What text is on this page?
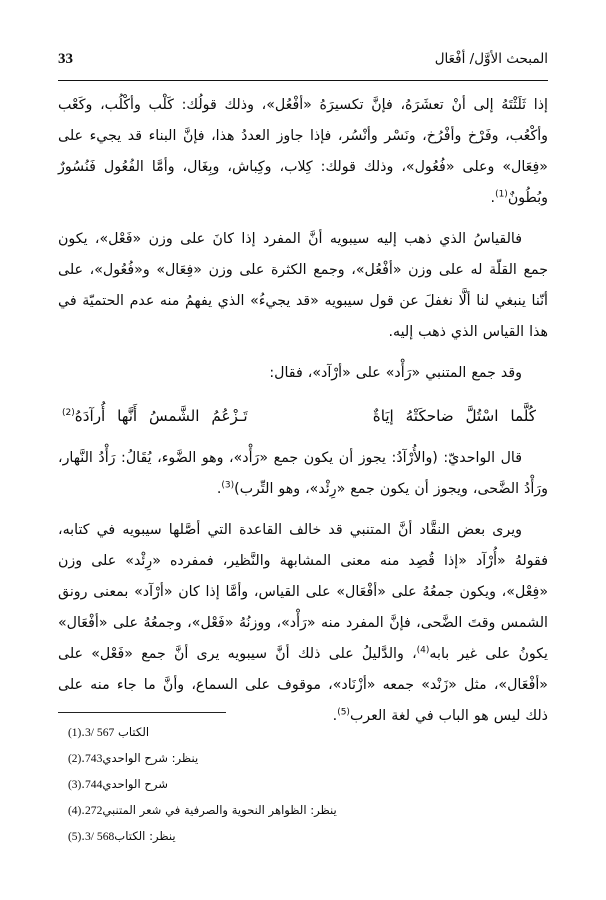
المبحث الأوَّل/ أفْعَال
33

إذا ثَلَثْتَهُ إلى أنْ تعشَرَهُ، فإنَّ تكسيرَهُ «أفْعُل»، وذلك قولُك: كَلْب وأكْلُب، وكَعْب وأكْعُب، وفَرْخ وأفْرُخ، ونَسْر وأنْسُر، فإذا جاوز العددُ هذا، فإنَّ البناء قد يجيء على «فِعَال» وعلى «فُعُول»، وذلك قولك: كِلاب، وكِباش، وبِغَال، وأمَّا الفُعُول فَنُسُورٌ وبُطُونٌ$^{(1)}$.

فالقياسُ الذي ذهب إليه سيبويه أنَّ المفرد إذا كانَ على وزن «فَعْل»، يكون جمع القلّة له على وزن «أفْعُل»، وجمع الكثرة على وزن «فِعَال» و«فُعُول»، على أنّنا ينبغي لنا ألَّا نغفلَ عن قول سيبويه «قد يجيءُ» الذي يفهمُ منه عدم الحتميّة في هذا القياس الذي ذهب إليه.

وقد جمع المتنبي «رَأْد» على «أرْآد»، فقال:

كُلَّما اسْتُلَّ ضاحكَتْهُ إيَاةٌ
تَـزْعُمُ الشَّمسُ أَنَّها أُرآدَهُ$^{(2)}$

قال الواحديّ: (والأُرْآدُ: يجوز أن يكون جمع «رَأْد»، وهو الضَّوء، يُقَالُ: رَأْدُ النَّهار، ورَأْدُ الضَّحى، ويجوز أن يكون جمع «رِئْد»، وهو التِّرب)$^{(3)}$.

ويرى بعض النقَّاد أنَّ المتنبي قد خالف القاعدة التي أصَّلها سيبويه في كتابه، فقولهُ «أُرْآد «إذا قُصِد منه معنى المشابهة والنَّظير، فمفرده «رِئْد» على وزن «فِعْل»، ويكون جمعُهُ على «أفْعَال» على القياس، وأمَّا إذا كان «أرْآد» بمعنى رونق الشمس وقتَ الضَّحى، فإنَّ المفرد منه «رَأْد»، ووزنُهُ «فَعْل»، وجمعُهُ على «أفْعَال» يكونُ على غير بابه$^{(4)}$، والدَّليلُ على ذلك أنَّ سيبويه يرى أنَّ جمع «فَعْل» على «أفْعَال»، مثل «زَنْد» جمعه «أزْنَاد»، موقوف على السماع، وأنَّ ما جاء منه على ذلك ليس هو الباب في لغة العرب$^{(5)}$.

الكتاب 3/ 567.
(1)
ينظر: شرح الواحدي743.
(2)
شرح الواحدي744.
(3)
ينظر: الظواهر النحوية والصرفية في شعر المتنبي272.
(4)
ينظر: الكتاب3/ 568.
(5)
